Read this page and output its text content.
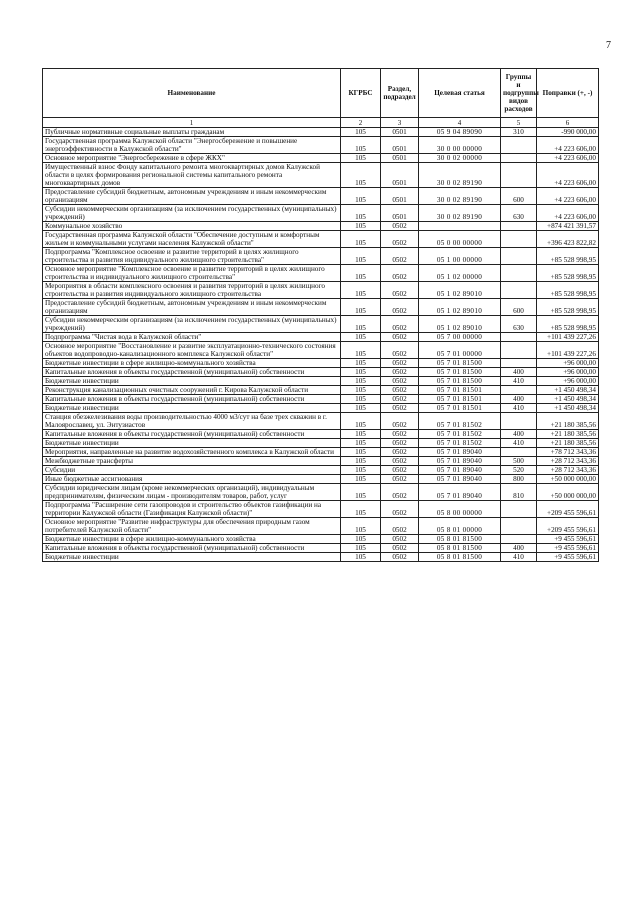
7
Наименование	КГРБС	Раздел, подраздел	Целевая статья	Группы и подгруппы видов расходов	Поправки (+, -)
1	2	3	4	5	6
Публичные нормативные социальные выплаты гражданам	105	0501	05 9 04 89090	310	-990 000,00
Государственная программа Калужской области "Энергосбережение и повышение энергоэффективности в Калужской области"	105	0501	30 0 00 00000		+4 223 606,00
Основное мероприятие "Энергосбережение в сфере ЖКХ"	105	0501	30 0 02 00000		+4 223 606,00
Имущественный взнос Фонду капитального ремонта многоквартирных домов Калужской области в целях формирования региональной системы капитального ремонта многоквартирных домов	105	0501	30 0 02 89190		+4 223 606,00
Предоставление субсидий бюджетным, автономным учреждениям и иным некоммерческим организациям	105	0501	30 0 02 89190	600	+4 223 606,00
Субсидии некоммерческим организациям (за исключением государственных (муниципальных) учреждений)	105	0501	30 0 02 89190	630	+4 223 606,00
Коммунальное хозяйство	105	0502			+874 421 391,57
Государственная программа Калужской области "Обеспечение доступным и комфортным жильем и коммунальными услугами населения Калужской области"	105	0502	05 0 00 00000		+396 423 822,82
Подпрограмма "Комплексное освоение и развитие территорий в целях жилищного строительства и развития индивидуального жилищного строительства"	105	0502	05 1 00 00000		+85 528 998,95
Основное мероприятие "Комплексное освоение и развитие территорий в целях жилищного строительства и индивидуального жилищного строительства"	105	0502	05 1 02 00000		+85 528 998,95
Мероприятия в области комплексного освоения и развития территорий в целях жилищного строительства и развития индивидуального жилищного строительства	105	0502	05 1 02 89010		+85 528 998,95
Предоставление субсидий бюджетным, автономным учреждениям и иным некоммерческим организациям	105	0502	05 1 02 89010	600	+85 528 998,95
Субсидии некоммерческим организациям (за исключением государственных (муниципальных) учреждений)	105	0502	05 1 02 89010	630	+85 528 998,95
Подпрограмма "Чистая вода в Калужской области"	105	0502	05 7 00 00000		+101 439 227,26
Основное мероприятие "Восстановление и развитие эксплуатационно-технического состояния объектов водопроводно-канализационного комплекса Калужской области"	105	0502	05 7 01 00000		+101 439 227,26
Бюджетные инвестиции в сфере жилищно-коммунального хозяйства	105	0502	05 7 01 81500		+96 000,00
Капитальные вложения в объекты государственной (муниципальной) собственности	105	0502	05 7 01 81500	400	+96 000,00
Бюджетные инвестиции	105	0502	05 7 01 81500	410	+96 000,00
Реконструкция канализационных очистных сооружений г. Кирова Калужской области	105	0502	05 7 01 81501		+1 450 498,34
Капитальные вложения в объекты государственной (муниципальной) собственности	105	0502	05 7 01 81501	400	+1 450 498,34
Бюджетные инвестиции	105	0502	05 7 01 81501	410	+1 450 498,34
Станция обезжелезивания воды производительностью 4000 м3/сут на базе трех скважин в г. Малоярославец, ул. Энтузиастов	105	0502	05 7 01 81502		+21 180 385,56
Капитальные вложения в объекты государственной (муниципальной) собственности	105	0502	05 7 01 81502	400	+21 180 385,56
Бюджетные инвестиции	105	0502	05 7 01 81502	410	+21 180 385,56
Мероприятия, направленные на развитие водохозяйственного комплекса в Калужской области	105	0502	05 7 01 89040		+78 712 343,36
Межбюджетные трансферты	105	0502	05 7 01 89040	500	+28 712 343,36
Субсидии	105	0502	05 7 01 89040	520	+28 712 343,36
Иные бюджетные ассигнования	105	0502	05 7 01 89040	800	+50 000 000,00
Субсидии юридическим лицам (кроме некоммерческих организаций), индивидуальным предпринимателям, физическим лицам - производителям товаров, работ, услуг	105	0502	05 7 01 89040	810	+50 000 000,00
Подпрограмма "Расширение сети газопроводов и строительство объектов газификации на территории Калужской области (Газификация Калужской области)"	105	0502	05 8 00 00000		+209 455 596,61
Основное мероприятие "Развитие инфраструктуры для обеспечения природным газом потребителей Калужской области"	105	0502	05 8 01 00000		+209 455 596,61
Бюджетные инвестиции в сфере жилищно-коммунального хозяйства	105	0502	05 8 01 81500		+9 455 596,61
Капитальные вложения в объекты государственной (муниципальной) собственности	105	0502	05 8 01 81500	400	+9 455 596,61
Бюджетные инвестиции	105	0502	05 8 01 81500	410	+9 455 596,61
